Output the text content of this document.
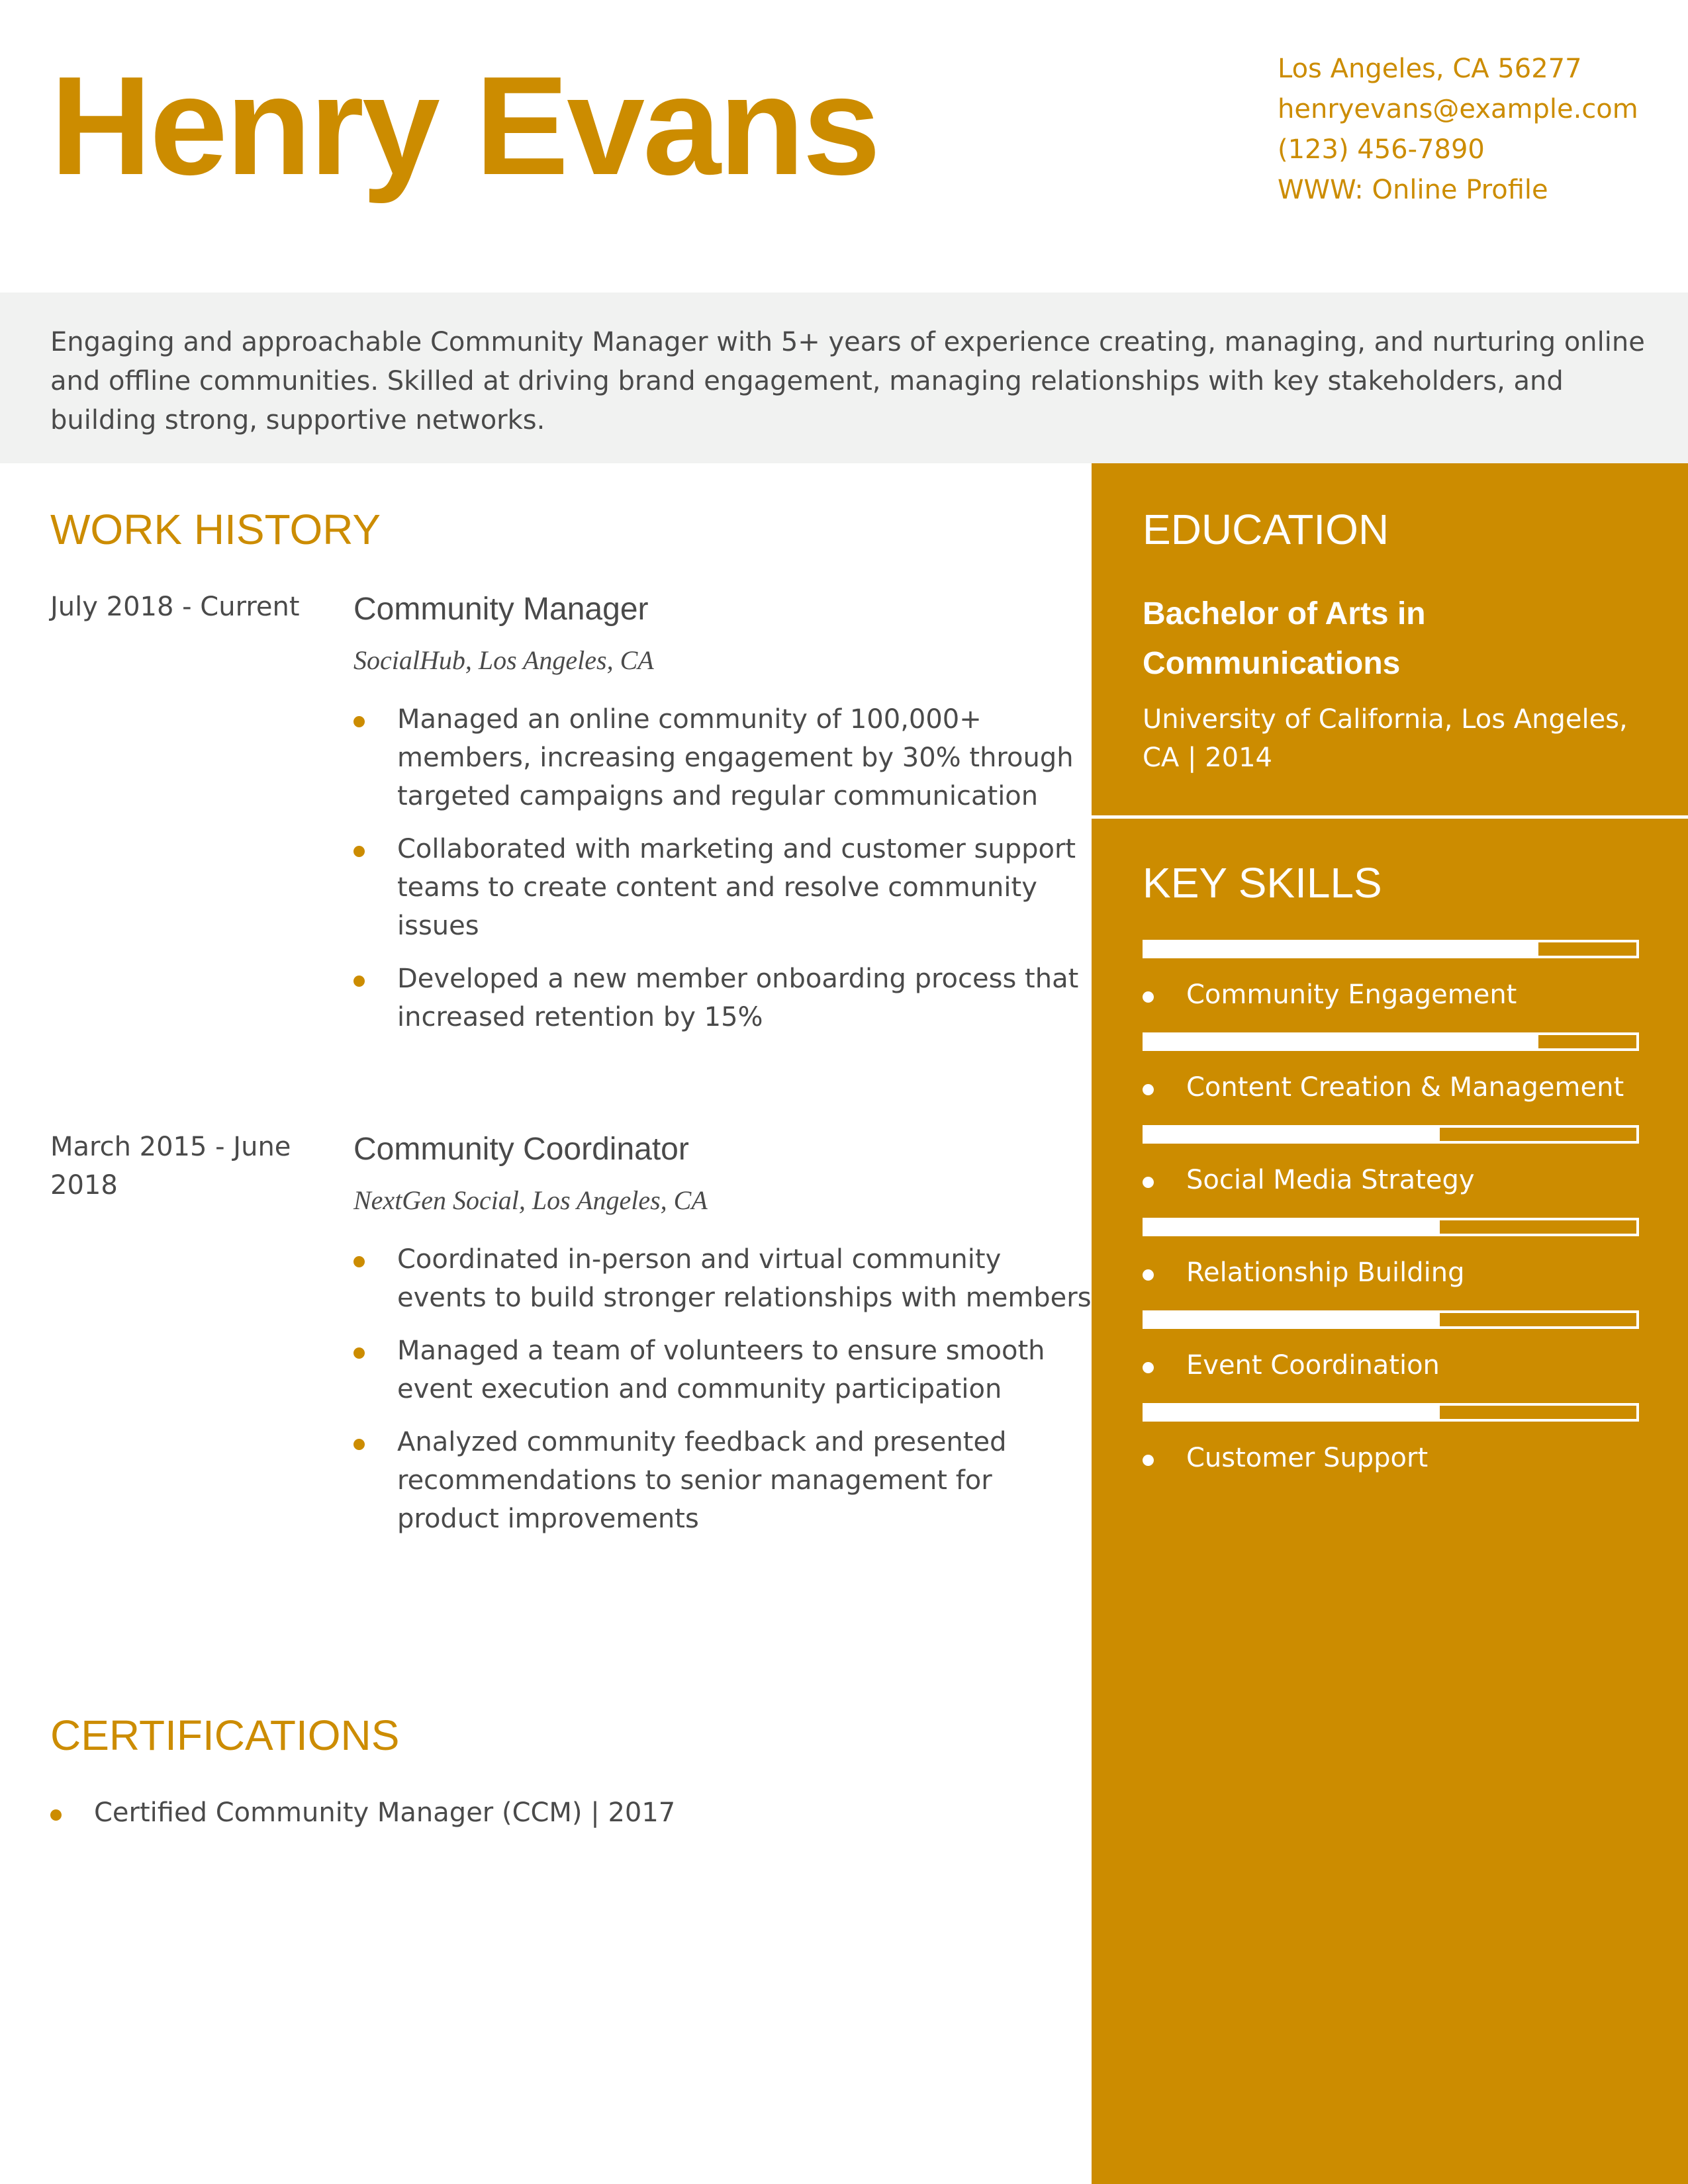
Henry Evans	Los Angeles, CA 56277
henryevans@example.com
(123) 456-7890
WWW: Online Profile
Engaging and approachable Community Manager with 5+ years of experience creating, managing, and nurturing online and offline communities. Skilled at driving brand engagement, managing relationships with key stakeholders, and building strong, supportive networks.
WORK HISTORY
July 2018 - Current	Community Manager
SocialHub, Los Angeles, CA
Managed an online community of 100,000+ members, increasing engagement by 30% through targeted campaigns and regular communication
Collaborated with marketing and customer support teams to create content and resolve community issues
Developed a new member onboarding process that increased retention by 15%
March 2015 - June 2018
Community Coordinator
NextGen Social, Los Angeles, CA
Coordinated in-person and virtual community events to build stronger relationships with members
Managed a team of volunteers to ensure smooth event execution and community participation
Analyzed community feedback and presented recommendations to senior management for product improvements
CERTIFICATIONS
Certified Community Manager (CCM) | 2017
EDUCATION
Bachelor of Arts in Communications
University of California, Los Angeles, CA | 2014
KEY SKILLS
Community Engagement
Content Creation & Management
Social Media Strategy
Relationship Building
Event Coordination
Customer Support
